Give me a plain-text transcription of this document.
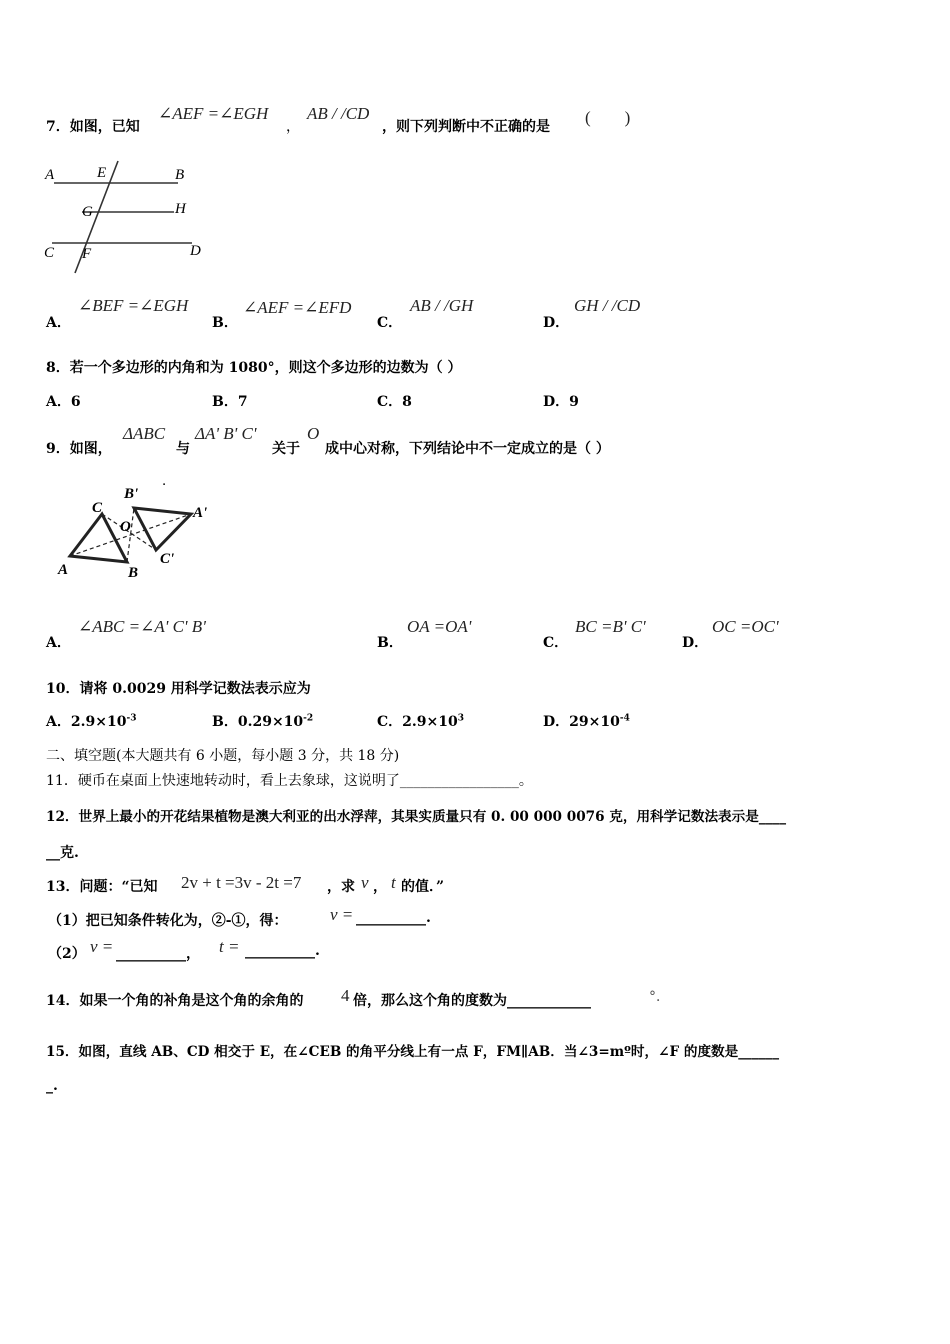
7．如图，已知
∠AEF =∠EGH
，
AB / /CD
，则下列判断中不正确的是 (　　)
A	E	B
G	H
C F	D
A．
∠BEF =∠EGH
B．
∠AEF =∠EFD
C．
AB / /GH
D．
GH / /CD
8．若一个多边形的内角和为 1080°，则这个多边形的边数为（ ）
A．6	B．7	C．8	D．9
9．如图，
ΔABC
与
ΔA' B' C'
关于
O
成中心对称，下列结论中不一定成立的是（ ）
C
B'
A'
O
A	B
C'
·
A．
∠ABC =∠A' C' B'
B．
OA =OA'
C．
BC =B' C'
D．
OC =OC'
10．请将 0.0029 用科学记数法表示应为
A．$2.9\times 10^{-3}$	B．$0.29\times 10^{-2}$	C．$2.9\times 10^3$	D．$29\times 10^{-4}$
二、填空题(本大题共有 6 小题，每小题 3 分，共 18 分)
11．硬币在桌面上快速地转动时，看上去象球，这说明了_________________。
12．世界上最小的开花结果植物是澳大利亚的出水浮萍，其果实质量只有 0. 00 000 0076 克，用科学记数法表示是____
__克.
13．问题：“已知 2v + t =3v - 2t =7 ，求 v ， t 的值．”
（1）把已知条件转化为，②-①，得： v = __________.
（2） v = __________， t = __________.
14．如果一个角的补角是这个角的余角的 4 倍，那么这个角的度数为____________	°．
15．如图，直线 AB、CD 相交于 E，在∠CEB 的角平分线上有一点 F，FM∥AB．当∠3=mº时，∠F 的度数是______
_.
